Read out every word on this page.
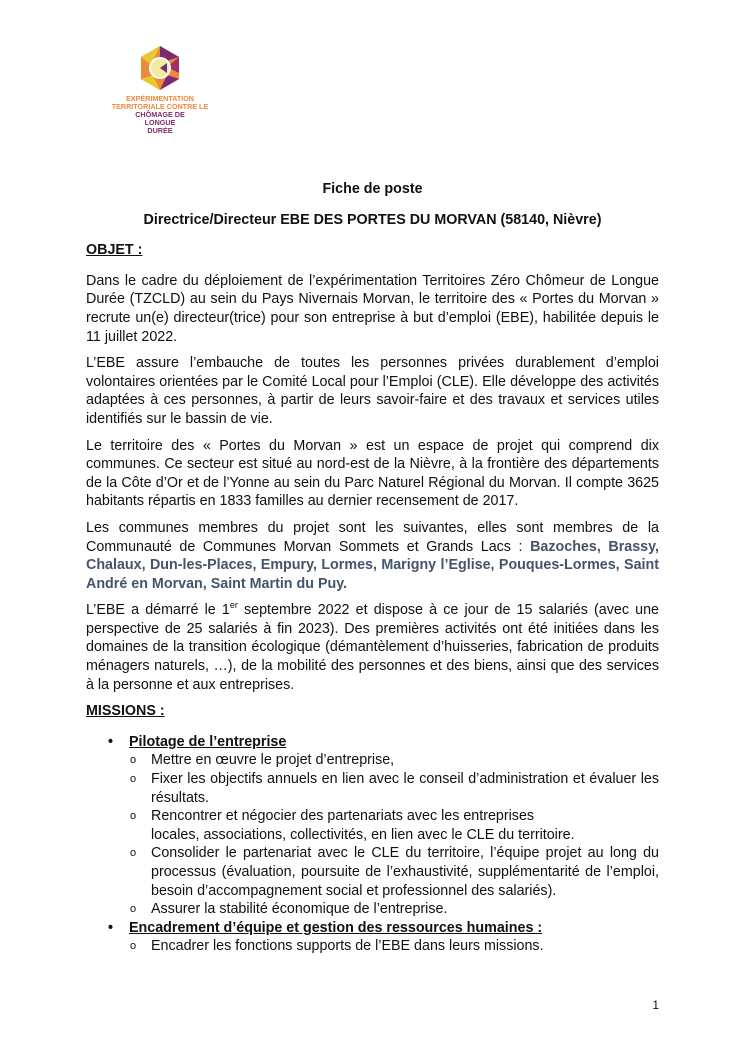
EXPÉRIMENTATION
TERRITORIALE CONTRE LE
CHÔMAGE DE
LONGUE
DURÉE
Fiche de poste
Directrice/Directeur EBE DES PORTES DU MORVAN (58140, Nièvre)
OBJET :
Dans le cadre du déploiement de l’expérimentation Territoires Zéro Chômeur de Longue Durée (TZCLD) au sein du Pays Nivernais Morvan, le territoire des « Portes du Morvan » recrute un(e) directeur(trice) pour son entreprise à but d’emploi (EBE), habilitée depuis le 11 juillet 2022.
L’EBE assure l’embauche de toutes les personnes privées durablement d’emploi volontaires orientées par le Comité Local pour l’Emploi (CLE). Elle développe des activités adaptées à ces personnes, à partir de leurs savoir-faire et des travaux et services utiles identifiés sur le bassin de vie.
Le territoire des « Portes du Morvan » est un espace de projet qui comprend dix communes. Ce secteur est situé au nord-est de la Nièvre, à la frontière des départements de la Côte d’Or et de l’Yonne au sein du Parc Naturel Régional du Morvan. Il compte 3625 habitants répartis en 1833 familles au dernier recensement de 2017.
Les communes membres du projet sont les suivantes, elles sont membres de la Communauté de Communes Morvan Sommets et Grands Lacs : Bazoches, Brassy, Chalaux, Dun-les-Places, Empury, Lormes, Marigny l’Eglise, Pouques-Lormes, Saint André en Morvan, Saint Martin du Puy.
L’EBE a démarré le 1er septembre 2022 et dispose à ce jour de 15 salariés (avec une perspective de 25 salariés à fin 2023). Des premières activités ont été initiées dans les domaines de la transition écologique (démantèlement d’huisseries, fabrication de produits ménagers naturels, …), de la mobilité des personnes et des biens, ainsi que des services à la personne et aux entreprises.
MISSIONS :
• Pilotage de l’entreprise
o Mettre en œuvre le projet d’entreprise,
o Fixer les objectifs annuels en lien avec le conseil d’administration et évaluer les résultats.
o Rencontrer et négocier des partenariats avec les entreprises locales, associations, collectivités, en lien avec le CLE du territoire.
o Consolider le partenariat avec le CLE du territoire, l’équipe projet au long du processus (évaluation, poursuite de l’exhaustivité, supplémentarité de l’emploi, besoin d’accompagnement social et professionnel des salariés).
o Assurer la stabilité économique de l’entreprise.
• Encadrement d’équipe et gestion des ressources humaines :
o Encadrer les fonctions supports de l’EBE dans leurs missions.
1
